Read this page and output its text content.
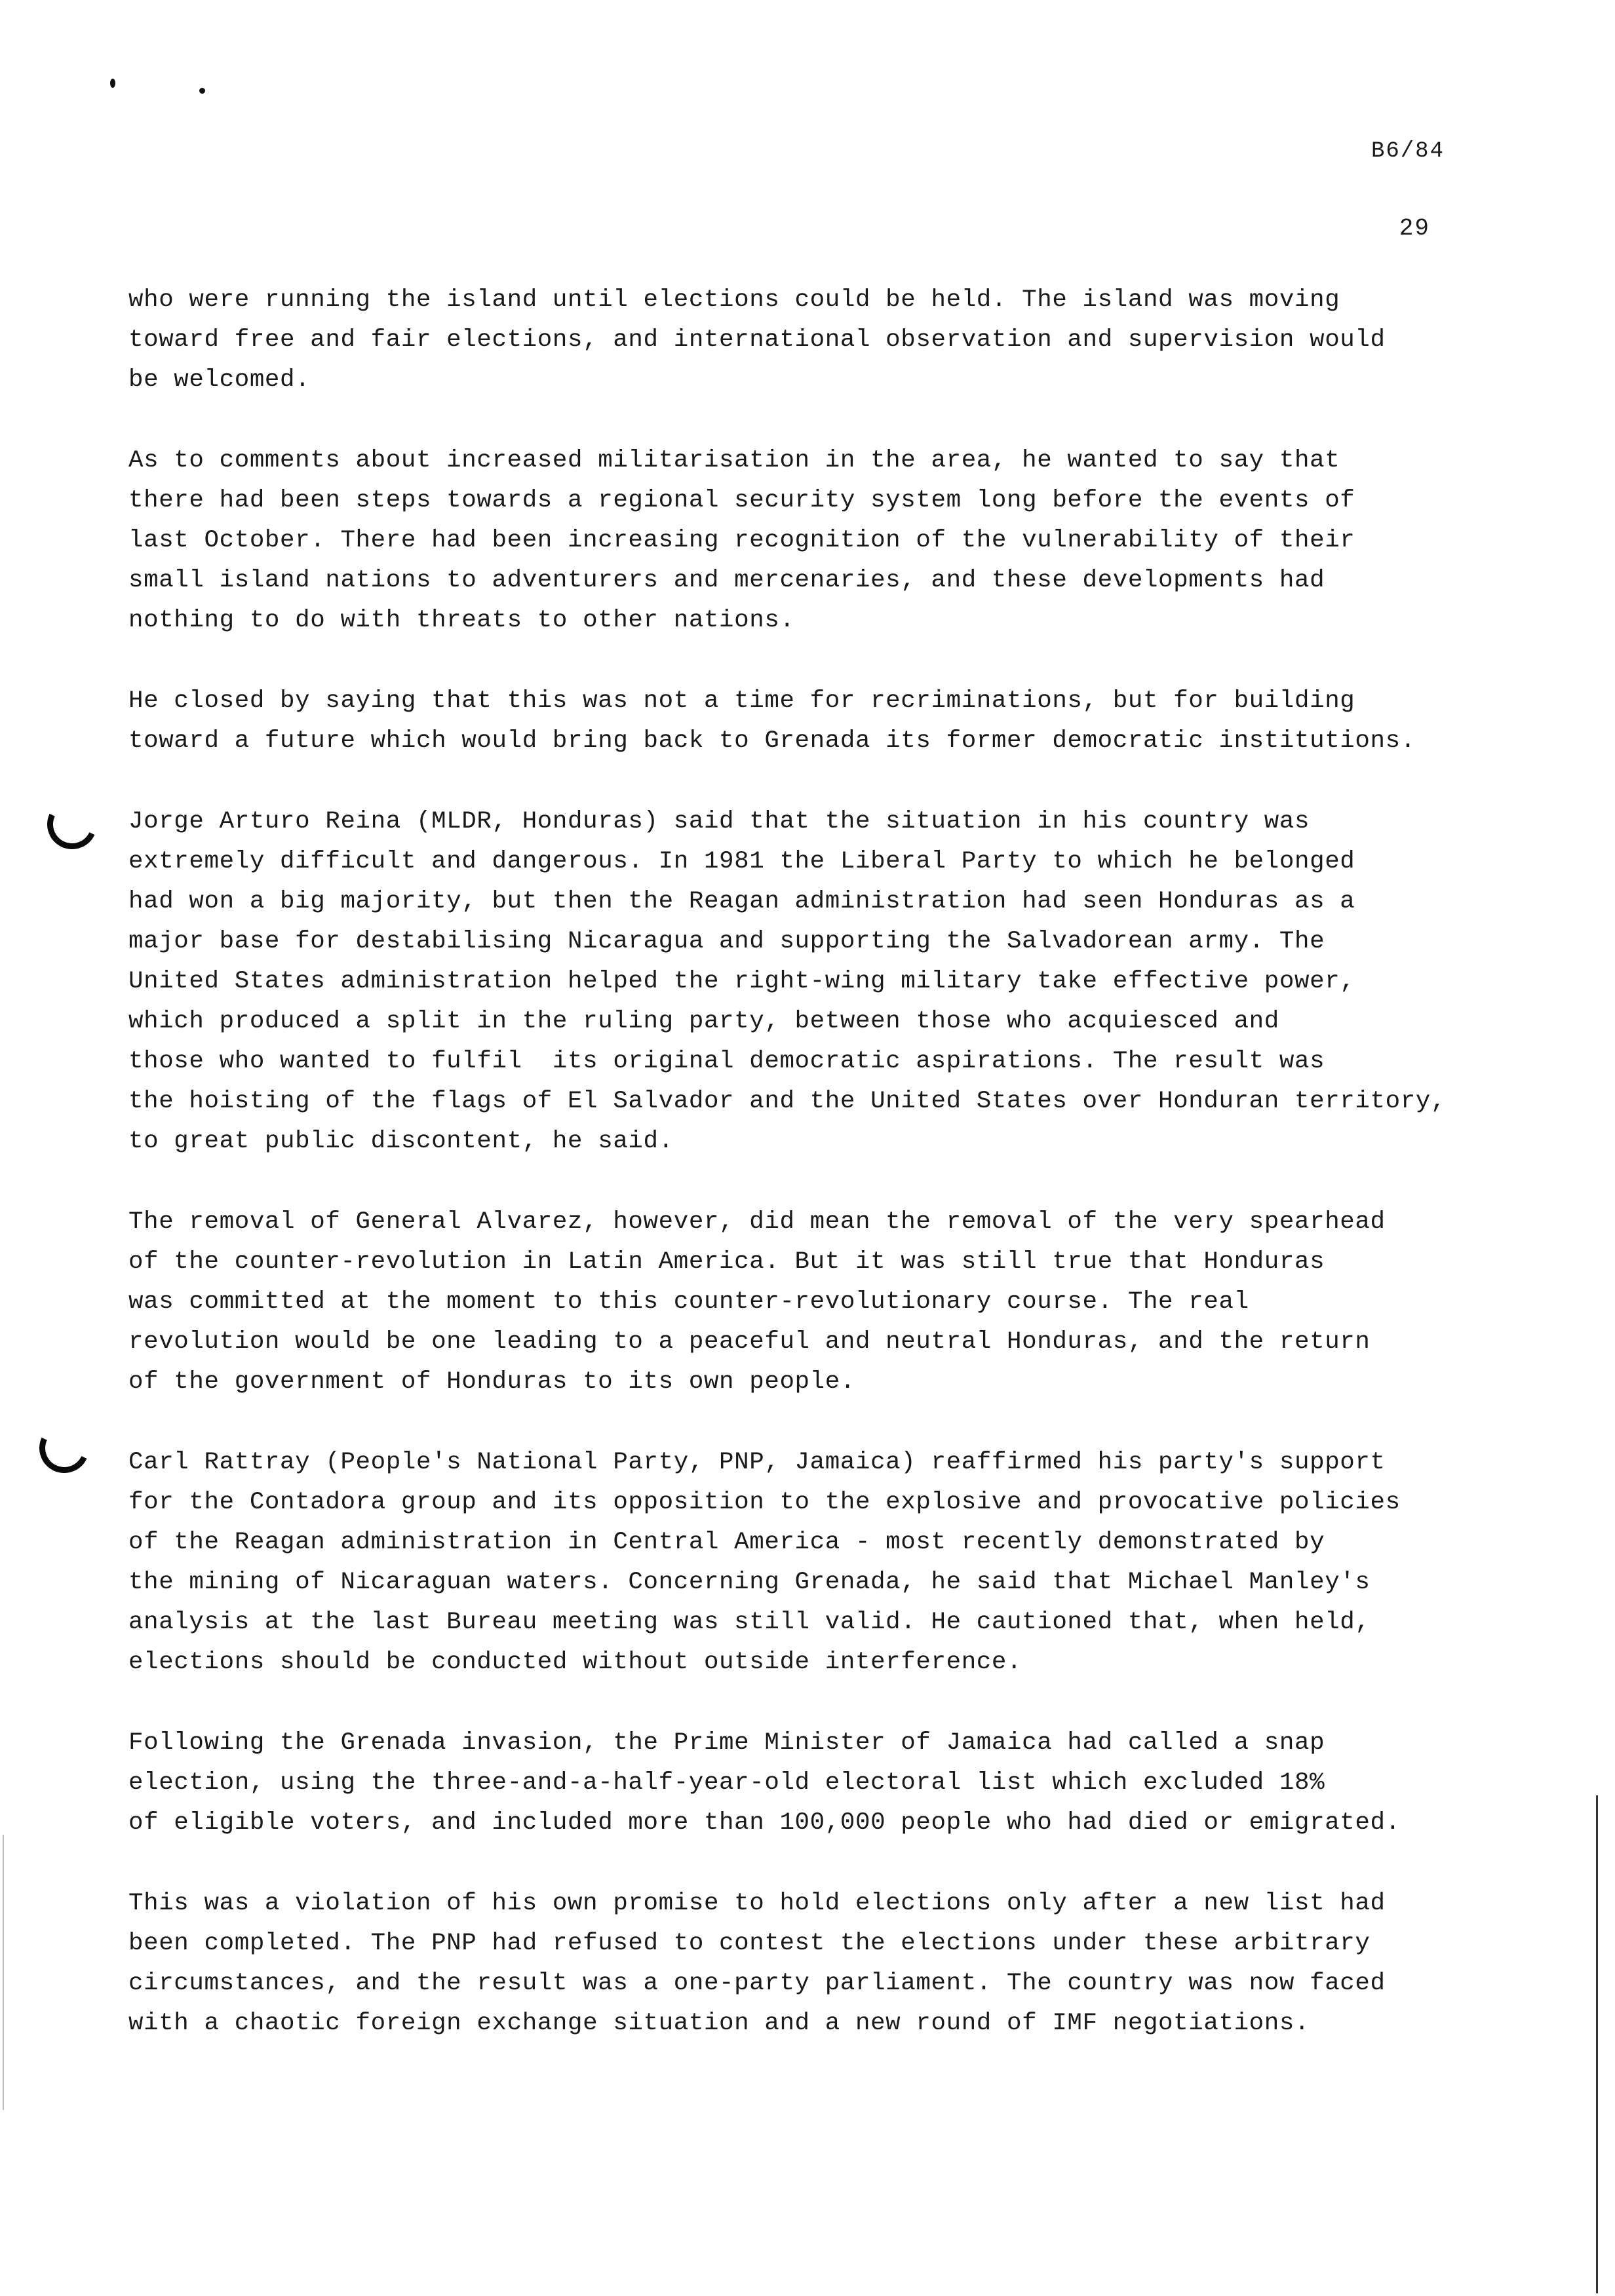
B6/84
29
who were running the island until elections could be held. The island was moving
toward free and fair elections, and international observation and supervision would
be welcomed.
As to comments about increased militarisation in the area, he wanted to say that
there had been steps towards a regional security system long before the events of
last October. There had been increasing recognition of the vulnerability of their
small island nations to adventurers and mercenaries, and these developments had
nothing to do with threats to other nations.
He closed by saying that this was not a time for recriminations, but for building
toward a future which would bring back to Grenada its former democratic institutions.
Jorge Arturo Reina (MLDR, Honduras) said that the situation in his country was
extremely difficult and dangerous. In 1981 the Liberal Party to which he belonged
had won a big majority, but then the Reagan administration had seen Honduras as a
major base for destabilising Nicaragua and supporting the Salvadorean army. The
United States administration helped the right-wing military take effective power,
which produced a split in the ruling party, between those who acquiesced and
those who wanted to fulfil  its original democratic aspirations. The result was
the hoisting of the flags of El Salvador and the United States over Honduran territory,
to great public discontent, he said.
The removal of General Alvarez, however, did mean the removal of the very spearhead
of the counter-revolution in Latin America. But it was still true that Honduras
was committed at the moment to this counter-revolutionary course. The real
revolution would be one leading to a peaceful and neutral Honduras, and the return
of the government of Honduras to its own people.
Carl Rattray (People's National Party, PNP, Jamaica) reaffirmed his party's support
for the Contadora group and its opposition to the explosive and provocative policies
of the Reagan administration in Central America - most recently demonstrated by
the mining of Nicaraguan waters. Concerning Grenada, he said that Michael Manley's
analysis at the last Bureau meeting was still valid. He cautioned that, when held,
elections should be conducted without outside interference.
Following the Grenada invasion, the Prime Minister of Jamaica had called a snap
election, using the three-and-a-half-year-old electoral list which excluded 18%
of eligible voters, and included more than 100,000 people who had died or emigrated.
This was a violation of his own promise to hold elections only after a new list had
been completed. The PNP had refused to contest the elections under these arbitrary
circumstances, and the result was a one-party parliament. The country was now faced
with a chaotic foreign exchange situation and a new round of IMF negotiations.
